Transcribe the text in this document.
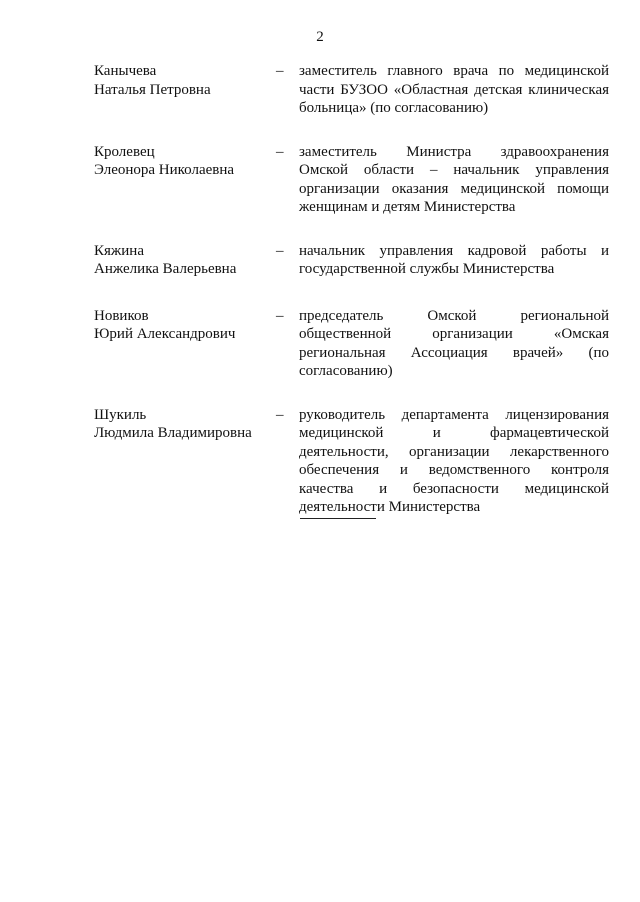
2
Канычева
Наталья Петровна
–	заместитель главного врача по медицинской части БУЗОО «Областная детская клиническая больница» (по согласованию)
Кролевец
Элеонора Николаевна
–	заместитель Министра здравоохранения Омской области – начальник управления организации оказания медицинской помощи женщинам и детям Министерства
Кяжина
Анжелика Валерьевна
–	начальник управления кадровой работы и государственной службы Министерства
Новиков
Юрий Александрович
–	председатель Омской региональной общественной организации «Омская региональная Ассоциация врачей» (по согласованию)
Шукиль
Людмила Владимировна
–	руководитель департамента лицензирования медицинской и фармацевтической деятельности, организации лекарственного обеспечения и ведомственного контроля качества и безопасности медицинской деятельности Министерства
